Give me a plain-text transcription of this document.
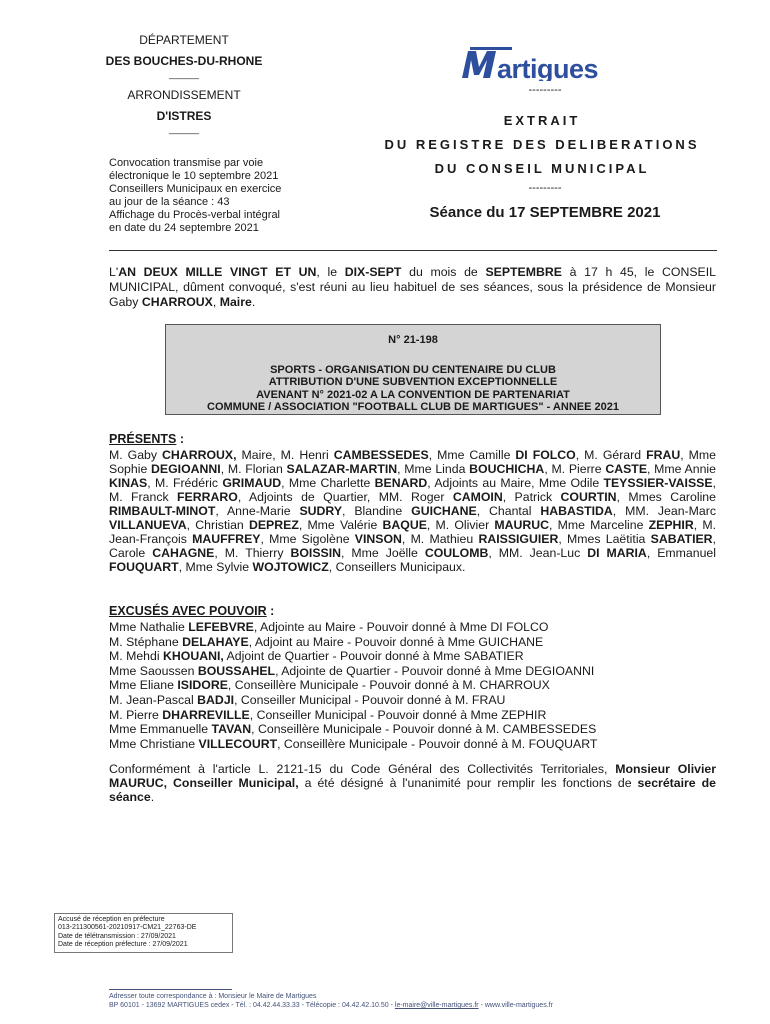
DÉPARTEMENT
DES BOUCHES-DU-RHONE
______
ARRONDISSEMENT
D'ISTRES
______
Convocation transmise par voie
électronique le 10 septembre 2021
Conseillers Municipaux en exercice
au jour de la séance : 43
Affichage du Procès-verbal intégral
en date du 24 septembre 2021
artigues
---------
EXTRAIT
DU REGISTRE DES DELIBERATIONS
DU CONSEIL MUNICIPAL
---------
Séance du 17 SEPTEMBRE 2021
L'AN DEUX MILLE VINGT ET UN, le DIX-SEPT du mois de SEPTEMBRE à 17 h 45, le CONSEIL MUNICIPAL, dûment convoqué, s'est réuni au lieu habituel de ses séances, sous la présidence de Monsieur Gaby CHARROUX, Maire.
N° 21-198
SPORTS - ORGANISATION DU CENTENAIRE DU CLUB
ATTRIBUTION D'UNE SUBVENTION EXCEPTIONNELLE
AVENANT N° 2021-02 A LA CONVENTION DE PARTENARIAT
COMMUNE / ASSOCIATION "FOOTBALL CLUB DE MARTIGUES" - ANNEE 2021
PRÉSENTS :
M. Gaby CHARROUX, Maire, M. Henri CAMBESSEDES, Mme Camille DI FOLCO, M. Gérard FRAU, Mme Sophie DEGIOANNI, M. Florian SALAZAR-MARTIN, Mme Linda BOUCHICHA, M. Pierre CASTE, Mme Annie KINAS, M. Frédéric GRIMAUD, Mme Charlette BENARD, Adjoints au Maire, Mme Odile TEYSSIER-VAISSE, M. Franck FERRARO, Adjoints de Quartier, MM. Roger CAMOIN, Patrick COURTIN, Mmes Caroline RIMBAULT-MINOT, Anne-Marie SUDRY, Blandine GUICHANE, Chantal HABASTIDA, MM. Jean-Marc VILLANUEVA, Christian DEPREZ, Mme Valérie BAQUE, M. Olivier MAURUC, Mme Marceline ZEPHIR, M. Jean-François MAUFFREY, Mme Sigolène VINSON, M. Mathieu RAISSIGUIER, Mmes Laëtitia SABATIER, Carole CAHAGNE, M. Thierry BOISSIN, Mme Joëlle COULOMB, MM. Jean-Luc DI MARIA, Emmanuel FOUQUART, Mme Sylvie WOJTOWICZ, Conseillers Municipaux.
EXCUSÉS AVEC POUVOIR :
Mme Nathalie LEFEBVRE, Adjointe au Maire - Pouvoir donné à Mme DI FOLCO
M. Stéphane DELAHAYE, Adjoint au Maire - Pouvoir donné à Mme GUICHANE
M. Mehdi KHOUANI, Adjoint de Quartier - Pouvoir donné à Mme SABATIER
Mme Saoussen BOUSSAHEL, Adjointe de Quartier - Pouvoir donné à Mme DEGIOANNI
Mme Eliane ISIDORE, Conseillère Municipale - Pouvoir donné à M. CHARROUX
M. Jean-Pascal BADJI, Conseiller Municipal - Pouvoir donné à M. FRAU
M. Pierre DHARREVILLE, Conseiller Municipal - Pouvoir donné à Mme ZEPHIR
Mme Emmanuelle TAVAN, Conseillère Municipale - Pouvoir donné à M. CAMBESSEDES
Mme Christiane VILLECOURT, Conseillère Municipale - Pouvoir donné à M. FOUQUART
Conformément à l'article L. 2121-15 du Code Général des Collectivités Territoriales, Monsieur Olivier MAURUC, Conseiller Municipal, a été désigné à l'unanimité pour remplir les fonctions de secrétaire de séance.
Accusé de réception en préfecture
013-211300561-20210917-CM21_22763-DE
Date de télétransmission : 27/09/2021
Date de réception préfecture : 27/09/2021
Adresser toute correspondance à : Monsieur le Maire de Martigues
BP 60101 - 13692 MARTIGUES cedex - Tél. : 04.42.44.33.33 - Télécopie : 04.42.42.10.50 - le-maire@ville-martigues.fr - www.ville-martigues.fr
